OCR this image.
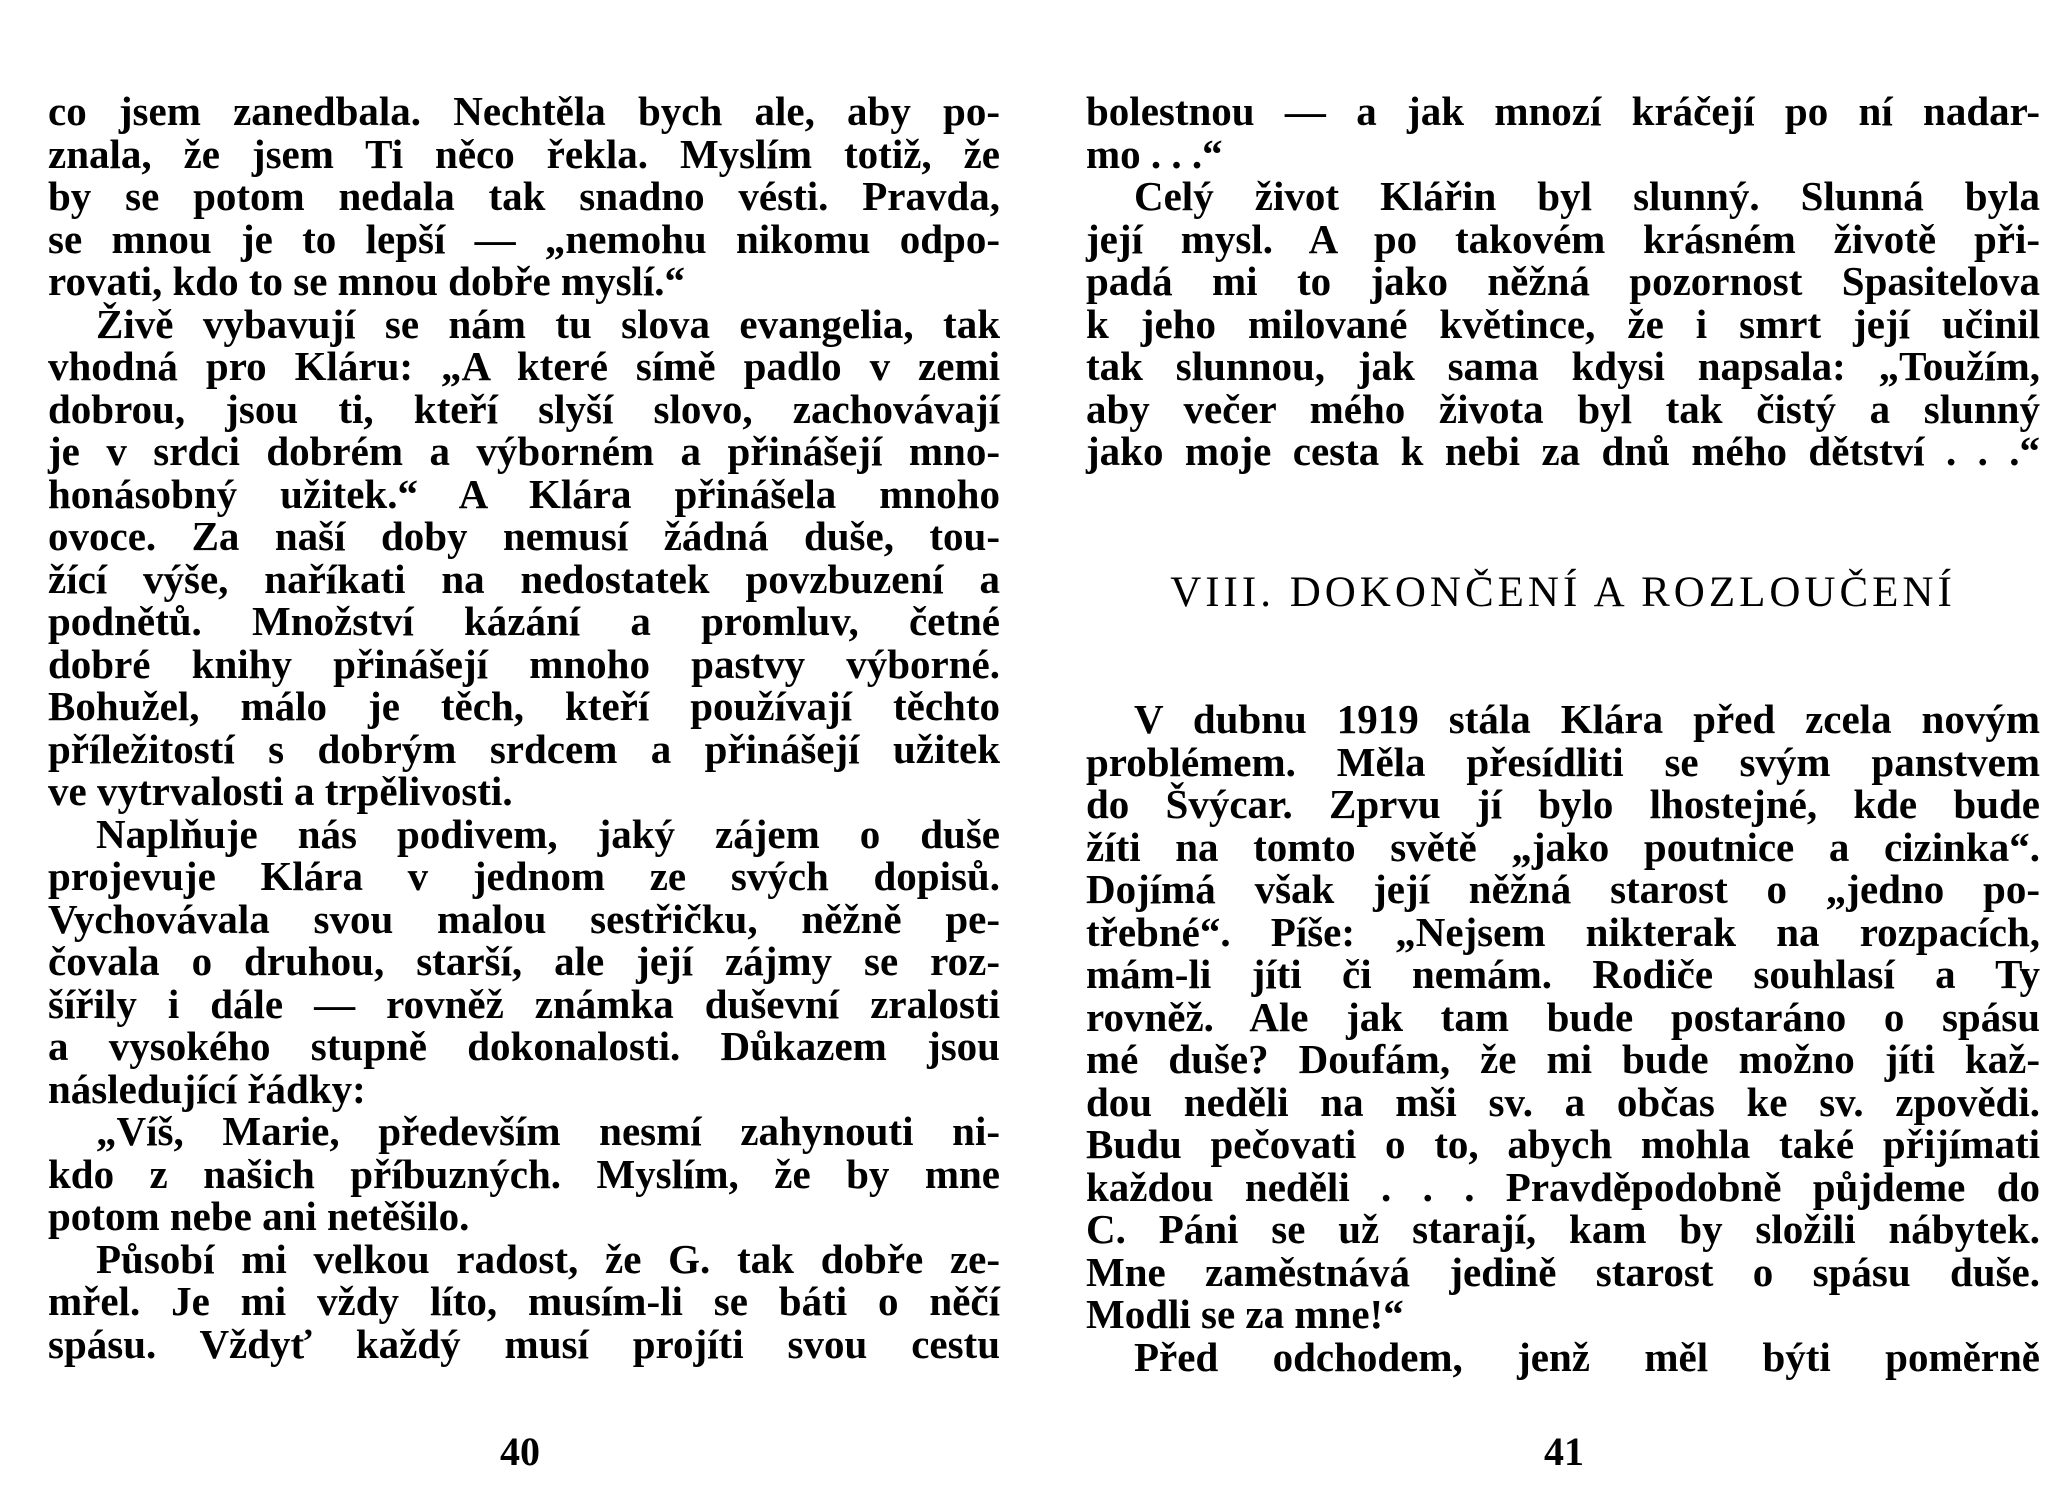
co jsem zanedbala. Nechtěla bych ale, aby po-
znala, že jsem Ti něco řekla. Myslím totiž, že
by se potom nedala tak snadno vésti. Pravda,
se mnou je to lepší — „nemohu nikomu odpo-
rovati, kdo to se mnou dobře myslí.“
Živě vybavují se nám tu slova evangelia, tak
vhodná pro Kláru: „A které símě padlo v zemi
dobrou, jsou ti, kteří slyší slovo, zachovávají
je v srdci dobrém a výborném a přinášejí mno-
honásobný užitek.“ A Klára přinášela mnoho
ovoce. Za naší doby nemusí žádná duše, tou-
žící výše, naříkati na nedostatek povzbuzení a
podnětů. Množství kázání a promluv, četné
dobré knihy přinášejí mnoho pastvy výborné.
Bohužel, málo je těch, kteří používají těchto
příležitostí s dobrým srdcem a přinášejí užitek
ve vytrvalosti a trpělivosti.
Naplňuje nás podivem, jaký zájem o duše
projevuje Klára v jednom ze svých dopisů.
Vychovávala svou malou sestřičku, něžně pe-
čovala o druhou, starší, ale její zájmy se roz-
šířily i dále — rovněž známka duševní zralosti
a vysokého stupně dokonalosti. Důkazem jsou
následující řádky:
„Víš, Marie, především nesmí zahynouti ni-
kdo z našich příbuzných. Myslím, že by mne
potom nebe ani netěšilo.
Působí mi velkou radost, že G. tak dobře ze-
mřel. Je mi vždy líto, musím-li se báti o něčí
spásu. Vždyť každý musí projíti svou cestu
40
bolestnou — a jak mnozí kráčejí po ní nadar-
mo . . .“
Celý život Klářin byl slunný. Slunná byla
její mysl. A po takovém krásném životě při-
padá mi to jako něžná pozornost Spasitelova
k jeho milované květince, že i smrt její učinil
tak slunnou, jak sama kdysi napsala: „Toužím,
aby večer mého života byl tak čistý a slunný
jako moje cesta k nebi za dnů mého dětství . . .“
VIII. DOKONČENÍ A ROZLOUČENÍ
V dubnu 1919 stála Klára před zcela novým
problémem. Měla přesídliti se svým panstvem
do Švýcar. Zprvu jí bylo lhostejné, kde bude
žíti na tomto světě „jako poutnice a cizinka“.
Dojímá však její něžná starost o „jedno po-
třebné“. Píše: „Nejsem nikterak na rozpacích,
mám-li jíti či nemám. Rodiče souhlasí a Ty
rovněž. Ale jak tam bude postaráno o spásu
mé duše? Doufám, že mi bude možno jíti kaž-
dou neděli na mši sv. a občas ke sv. zpovědi.
Budu pečovati o to, abych mohla také přijímati
každou neděli . . . Pravděpodobně půjdeme do
C. Páni se už starají, kam by složili nábytek.
Mne zaměstnává jedině starost o spásu duše.
Modli se za mne!“
Před odchodem, jenž měl býti poměrně
41
